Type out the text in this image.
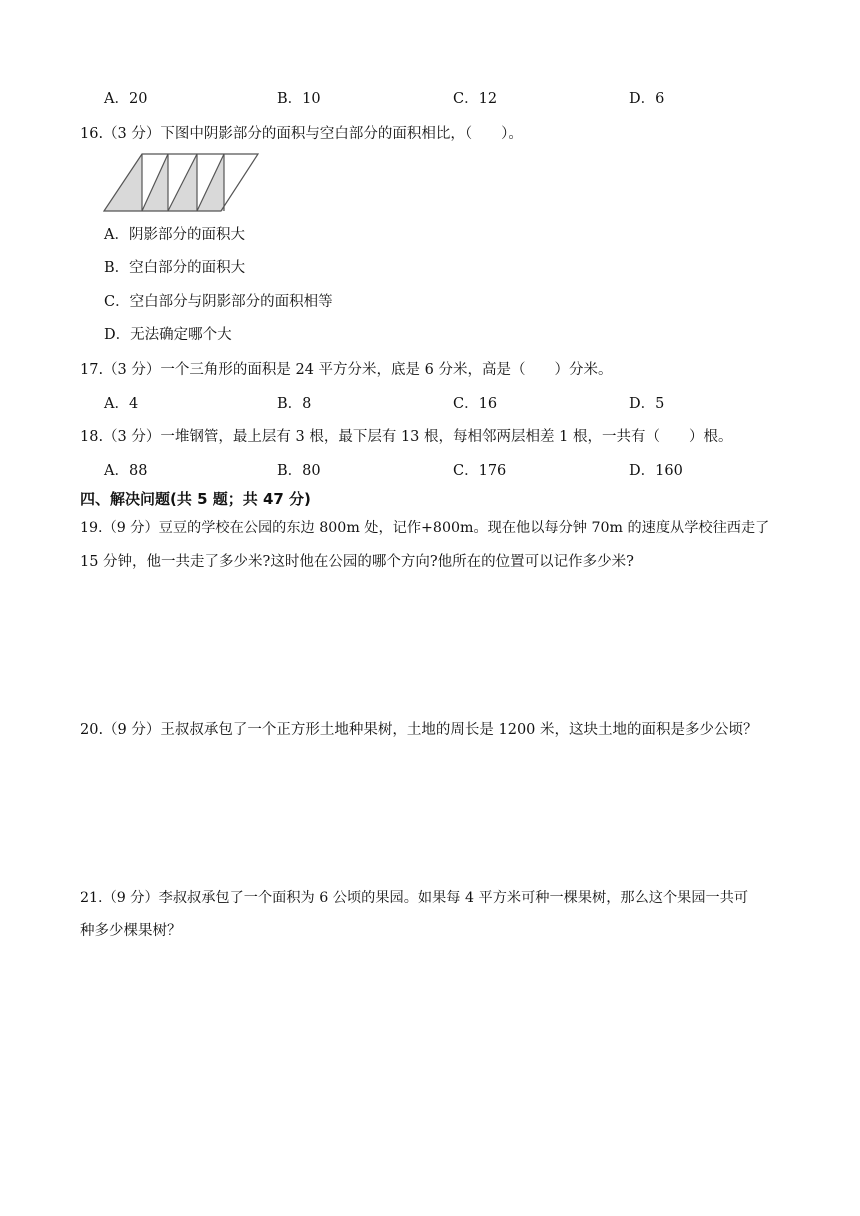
A．20	B．10	C．12	D．6
16.（3 分）下图中阴影部分的面积与空白部分的面积相比，（　　）。
A．阴影部分的面积大
B．空白部分的面积大
C．空白部分与阴影部分的面积相等
D．无法确定哪个大
17.（3 分）一个三角形的面积是 24 平方分米，底是 6 分米，高是（　　）分米。
A．4	B．8	C．16	D．5
18.（3 分）一堆钢管，最上层有 3 根，最下层有 13 根，每相邻两层相差 1 根，一共有（　　）根。
A．88	B．80	C．176	D．160
四、解决问题(共 5 题；共 47 分)
19.（9 分）豆豆的学校在公园的东边 800m 处，记作+800m。现在他以每分钟 70m 的速度从学校往西走了
15 分钟，他一共走了多少米?这时他在公园的哪个方向?他所在的位置可以记作多少米?
20.（9 分）王叔叔承包了一个正方形土地种果树，土地的周长是 1200 米，这块土地的面积是多少公顷？
21.（9 分）李叔叔承包了一个面积为 6 公顷的果园。如果每 4 平方米可种一棵果树，那么这个果园一共可
种多少棵果树？
